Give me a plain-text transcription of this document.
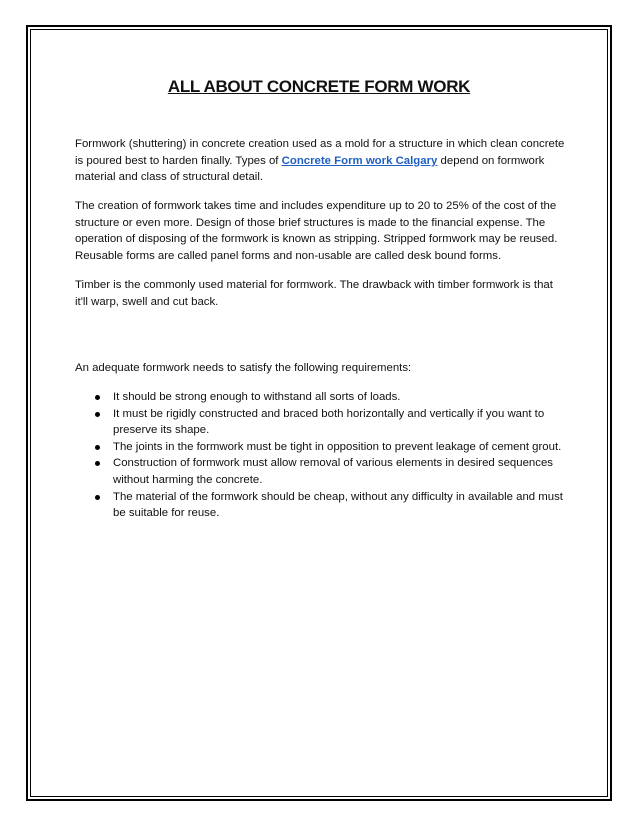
ALL ABOUT CONCRETE FORM WORK

Formwork (shuttering) in concrete creation used as a mold for a structure in which clean concrete is poured best to harden finally. Types of Concrete Form work Calgary depend on formwork material and class of structural detail.

The creation of formwork takes time and includes expenditure up to 20 to 25% of the cost of the structure or even more. Design of those brief structures is made to the financial expense. The operation of disposing of the formwork is known as stripping. Stripped formwork may be reused. Reusable forms are called panel forms and non-usable are called desk bound forms.

Timber is the commonly used material for formwork. The drawback with timber formwork is that it'll warp, swell and cut back.

An adequate formwork needs to satisfy the following requirements:

It should be strong enough to withstand all sorts of loads.
It must be rigidly constructed and braced both horizontally and vertically if you want to preserve its shape.
The joints in the formwork must be tight in opposition to prevent leakage of cement grout.
Construction of formwork must allow removal of various elements in desired sequences without harming the concrete.
The material of the formwork should be cheap, without any difficulty in available and must be suitable for reuse.
